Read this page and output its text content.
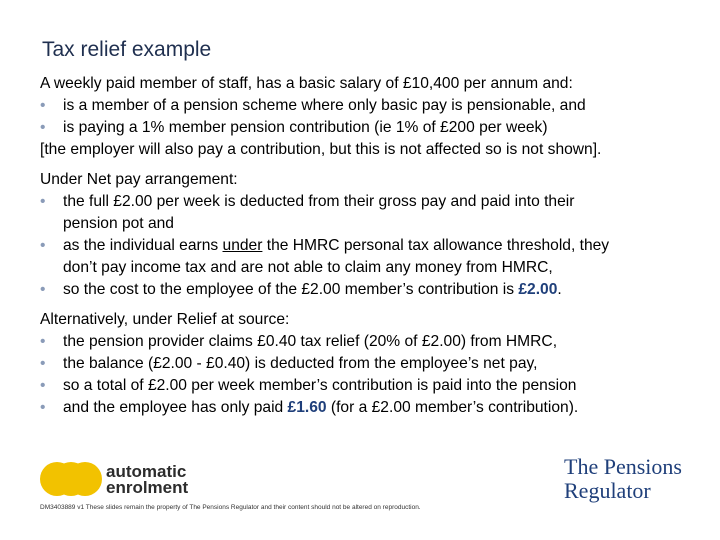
Tax relief example
A weekly paid member of staff, has a basic salary of £10,400 per annum and:
•	is a member of a pension scheme where only basic pay is pensionable, and
•	is paying a 1% member pension contribution (ie 1% of £200 per week)
[the employer will also pay a contribution, but this is not affected so is not shown].
Under Net pay arrangement:
•	the full £2.00 per week is deducted from their gross pay and paid into their
pension pot and
•	as the individual earns under the HMRC personal tax allowance threshold, they
don’t pay income tax and are not able to claim any money from HMRC,
•	so the cost to the employee of the £2.00 member’s contribution is £2.00.
Alternatively, under Relief at source:
•	the pension provider claims £0.40 tax relief (20% of £2.00) from HMRC,
•	the balance (£2.00 - £0.40) is deducted from the employee’s net pay,
•	so a total of £2.00 per week member’s contribution is paid into the pension
•	and the employee has only paid £1.60 (for a £2.00 member’s contribution).
automatic
enrolment
The Pensions
Regulator
DM3403889 v1 These slides remain the property of The Pensions Regulator and their content should not be altered on reproduction.
